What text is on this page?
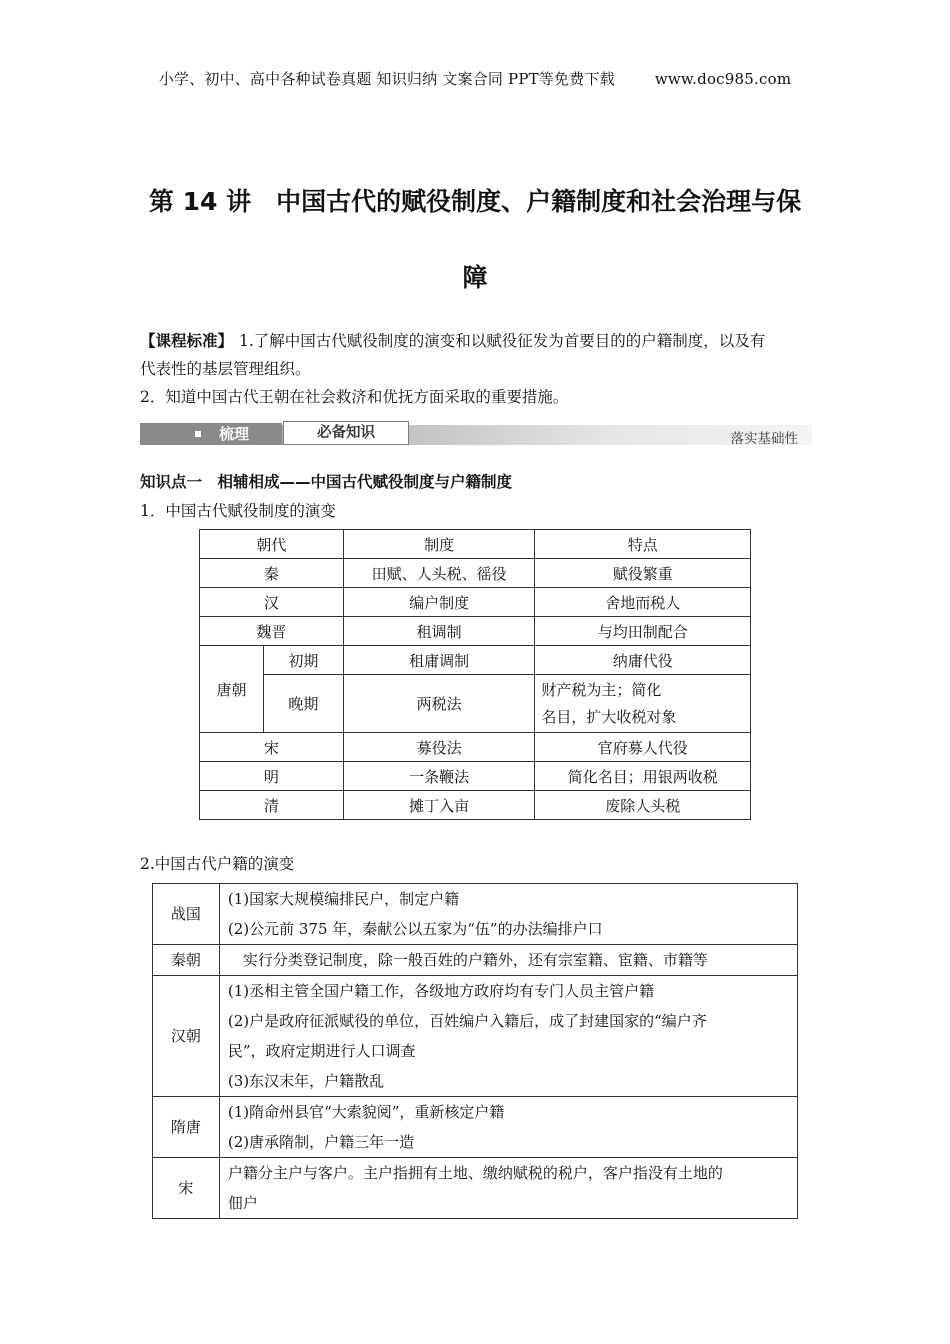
小学、初中、高中各种试卷真题 知识归纳 文案合同 PPT等免费下载	www.doc985.com
第 14 讲　中国古代的赋役制度、户籍制度和社会治理与保
障
【课程标准】 1.了解中国古代赋役制度的演变和以赋役征发为首要目的的户籍制度，以及有
代表性的基层管理组织。
2．知道中国古代王朝在社会救济和优抚方面采取的重要措施。
梳理	必备知识	落实基础性
知识点一　相辅相成——中国古代赋役制度与户籍制度
1．中国古代赋役制度的演变
朝代		制度	特点
秦		田赋、人头税、徭役	赋役繁重
汉		编户制度	舍地而税人
魏晋		租调制	与均田制配合
唐朝	初期	租庸调制	纳庸代役
	晚期	两税法	财产税为主；简化
名目，扩大收税对象
宋		募役法	官府募人代役
明		一条鞭法	简化名目；用银两收税
清		摊丁入亩	废除人头税
2.中国古代户籍的演变
战国	(1)国家大规模编排民户，制定户籍
(2)公元前 375 年，秦献公以五家为“伍”的办法编排户口

秦朝	　实行分类登记制度，除一般百姓的户籍外，还有宗室籍、宦籍、市籍等

汉朝	(1)丞相主管全国户籍工作，各级地方政府均有专门人员主管户籍
(2)户是政府征派赋役的单位，百姓编户入籍后，成了封建国家的“编户齐
民”，政府定期进行人口调查
(3)东汉末年，户籍散乱

隋唐	(1)隋命州县官“大索貌阅”，重新核定户籍
(2)唐承隋制，户籍三年一造

宋	户籍分主户与客户。主户指拥有土地、缴纳赋税的税户，客户指没有土地的
佃户
